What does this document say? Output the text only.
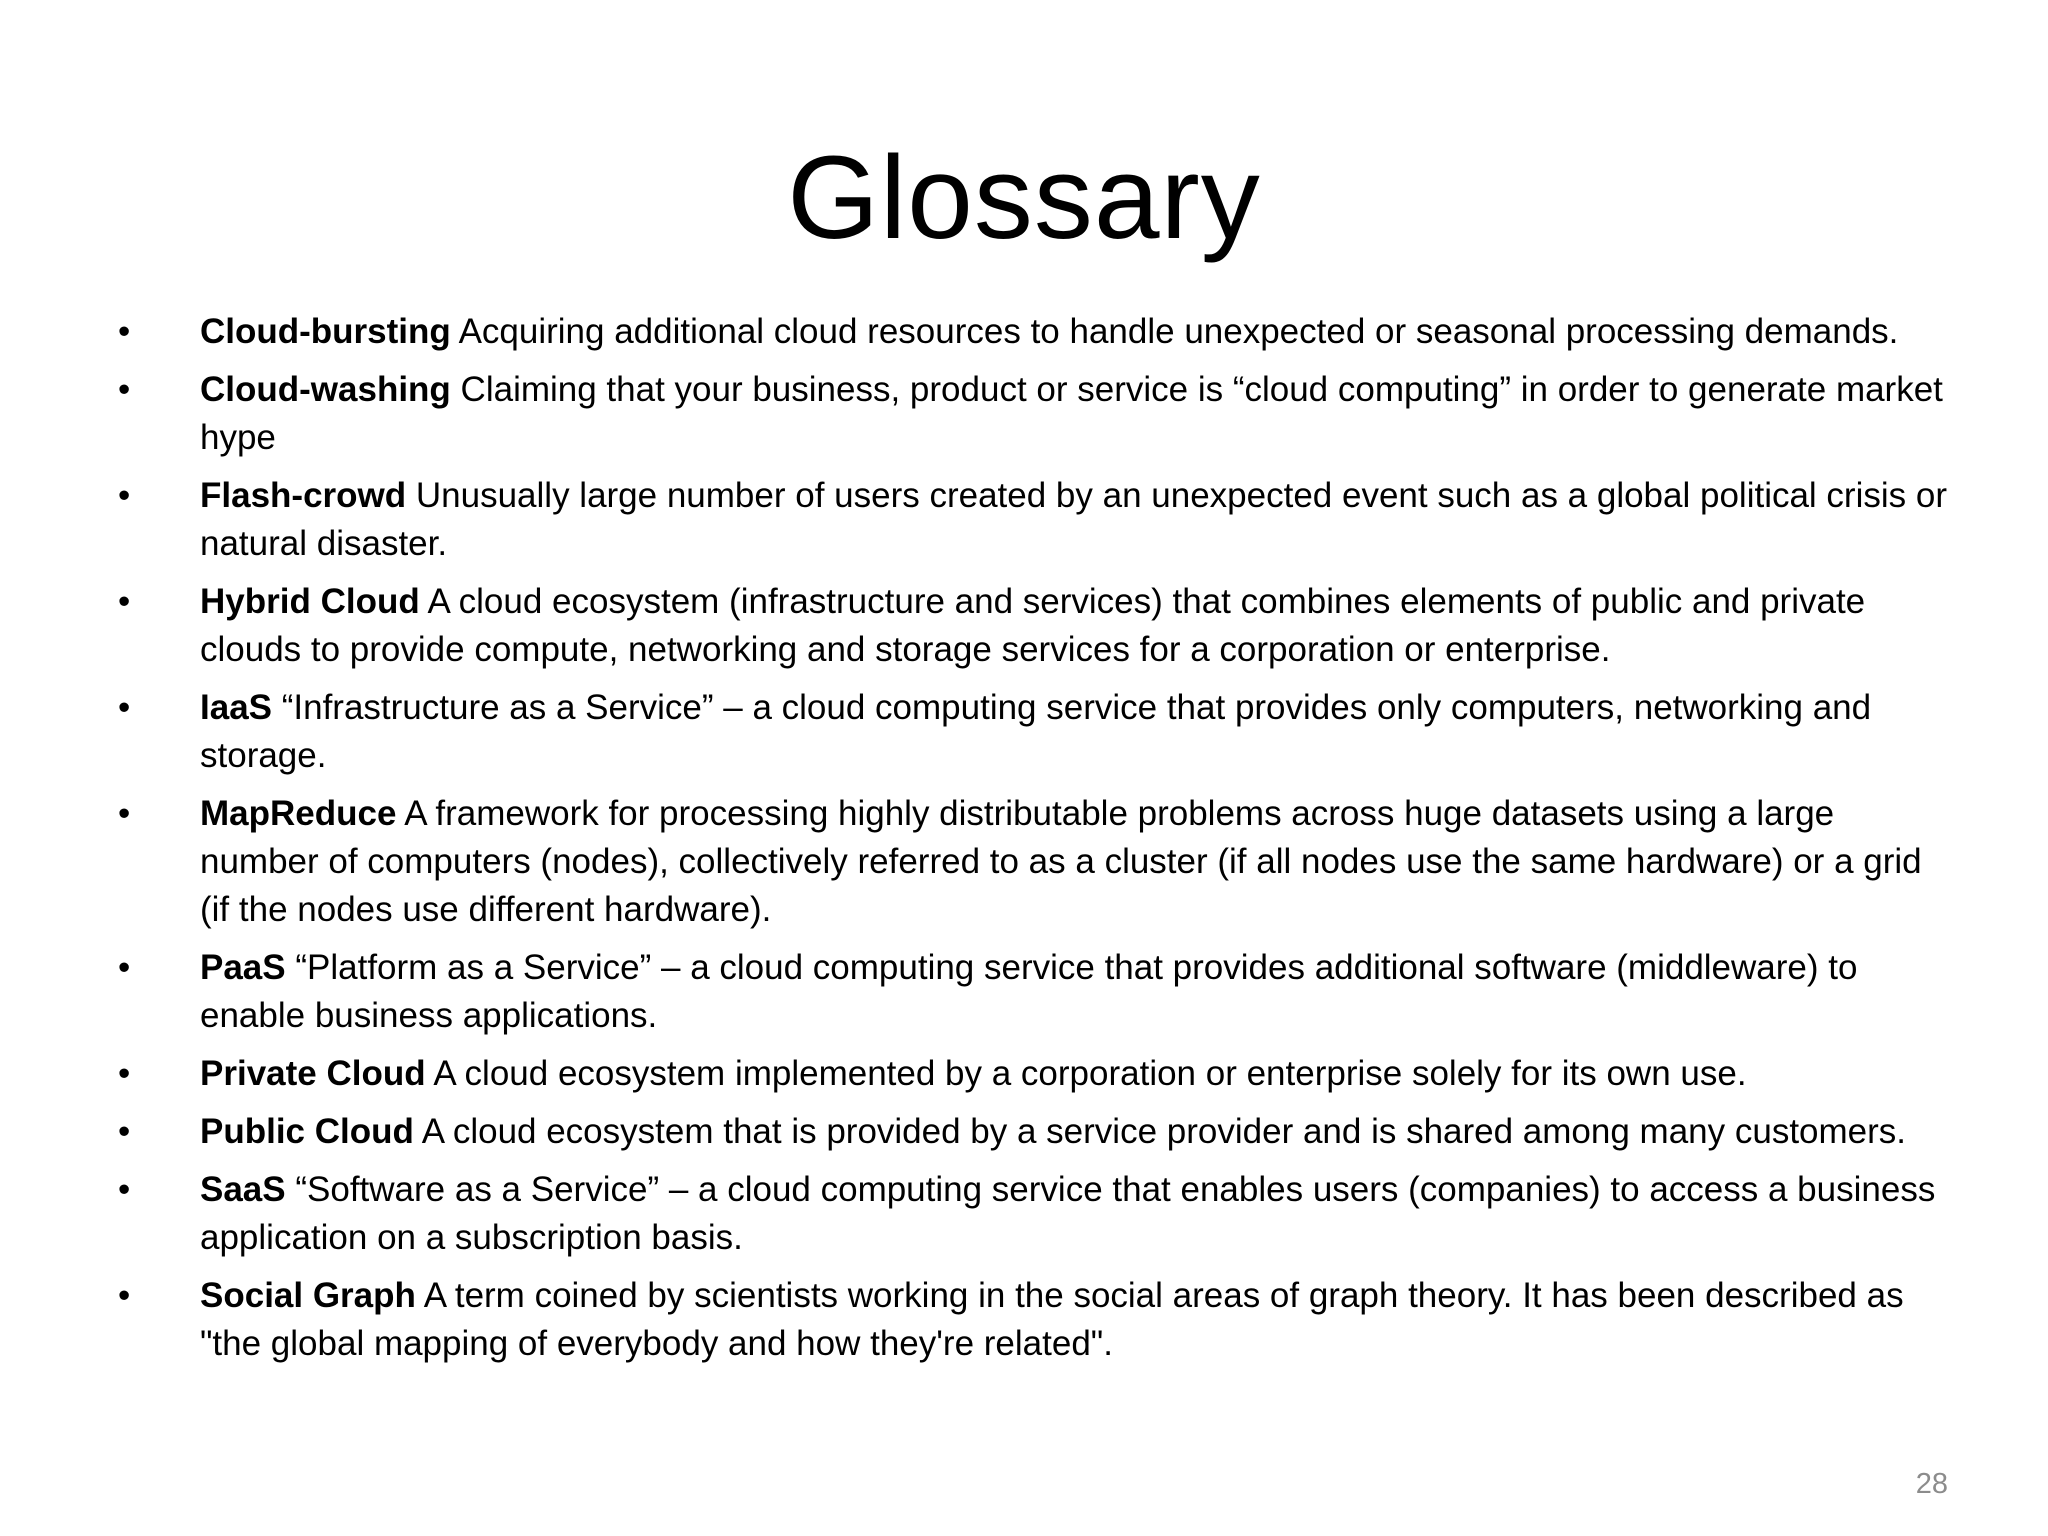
Glossary
•	Cloud-bursting Acquiring additional cloud resources to handle unexpected or seasonal processing demands.
•	Cloud-washing Claiming that your business, product or service is “cloud computing” in order to generate market hype
•	Flash-crowd Unusually large number of users created by an unexpected event such as a global political crisis or natural disaster.
•	Hybrid Cloud A cloud ecosystem (infrastructure and services) that combines elements of public and private clouds to provide compute, networking and storage services for a corporation or enterprise.
•	IaaS “Infrastructure as a Service” – a cloud computing service that provides only computers, networking and storage.
•	MapReduce A framework for processing highly distributable problems across huge datasets using a large number of computers (nodes), collectively referred to as a cluster (if all nodes use the same hardware) or a grid (if the nodes use different hardware).
•	PaaS “Platform as a Service” – a cloud computing service that provides additional software (middleware) to enable business applications.
•	Private Cloud A cloud ecosystem implemented by a corporation or enterprise solely for its own use.
•	Public Cloud A cloud ecosystem that is provided by a service provider and is shared among many customers.
•	SaaS “Software as a Service” – a cloud computing service that enables users (companies) to access a business application on a subscription basis.
•	Social Graph A term coined by scientists working in the social areas of graph theory. It has been described as "the global mapping of everybody and how they're related".
28
